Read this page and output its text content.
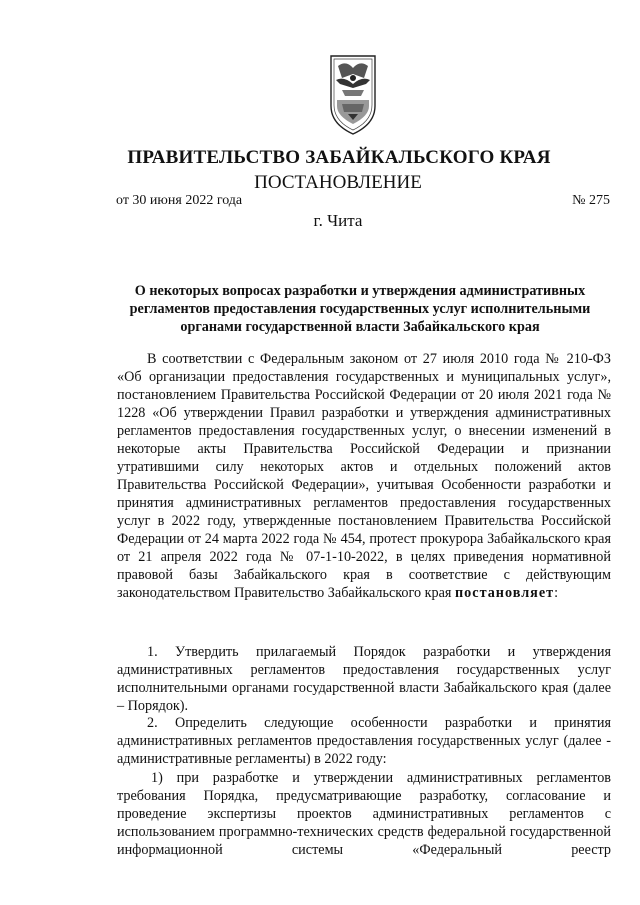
ПРАВИТЕЛЬСТВО ЗАБАЙКАЛЬСКОГО КРАЯ
ПОСТАНОВЛЕНИЕ
от 30 июня 2022 года	№ 275
г. Чита
О некоторых вопросах разработки и утверждения административных регламентов предоставления государственных услуг исполнительными органами государственной власти Забайкальского края
В соответствии с Федеральным законом от 27 июля 2010 года № 210-ФЗ «Об организации предоставления государственных и муниципальных услуг», постановлением Правительства Российской Федерации от 20 июля 2021 года № 1228 «Об утверждении Правил разработки и утверждения административных регламентов предоставления государственных услуг, о внесении изменений в некоторые акты Правительства Российской Федерации и признании утратившими силу некоторых актов и отдельных положений актов Правительства Российской Федерации», учитывая Особенности разработки и принятия административных регламентов предоставления государственных услуг в 2022 году, утвержденные постановлением Правительства Российской Федерации от 24 марта 2022 года № 454, протест прокурора Забайкальского края от 21 апреля 2022 года № 07-1-10-2022, в целях приведения нормативной правовой базы Забайкальского края в соответствие с действующим законодательством Правительство Забайкальского края постановляет:
1. Утвердить прилагаемый Порядок разработки и утверждения административных регламентов предоставления государственных услуг исполнительными органами государственной власти Забайкальского края (далее – Порядок).
2. Определить следующие особенности разработки и принятия административных регламентов предоставления государственных услуг (далее - административные регламенты) в 2022 году:
1) при разработке и утверждении административных регламентов требования Порядка, предусматривающие разработку, согласование и проведение экспертизы проектов административных регламентов с использованием программно-технических средств федеральной государственной информационной системы «Федеральный реестр
